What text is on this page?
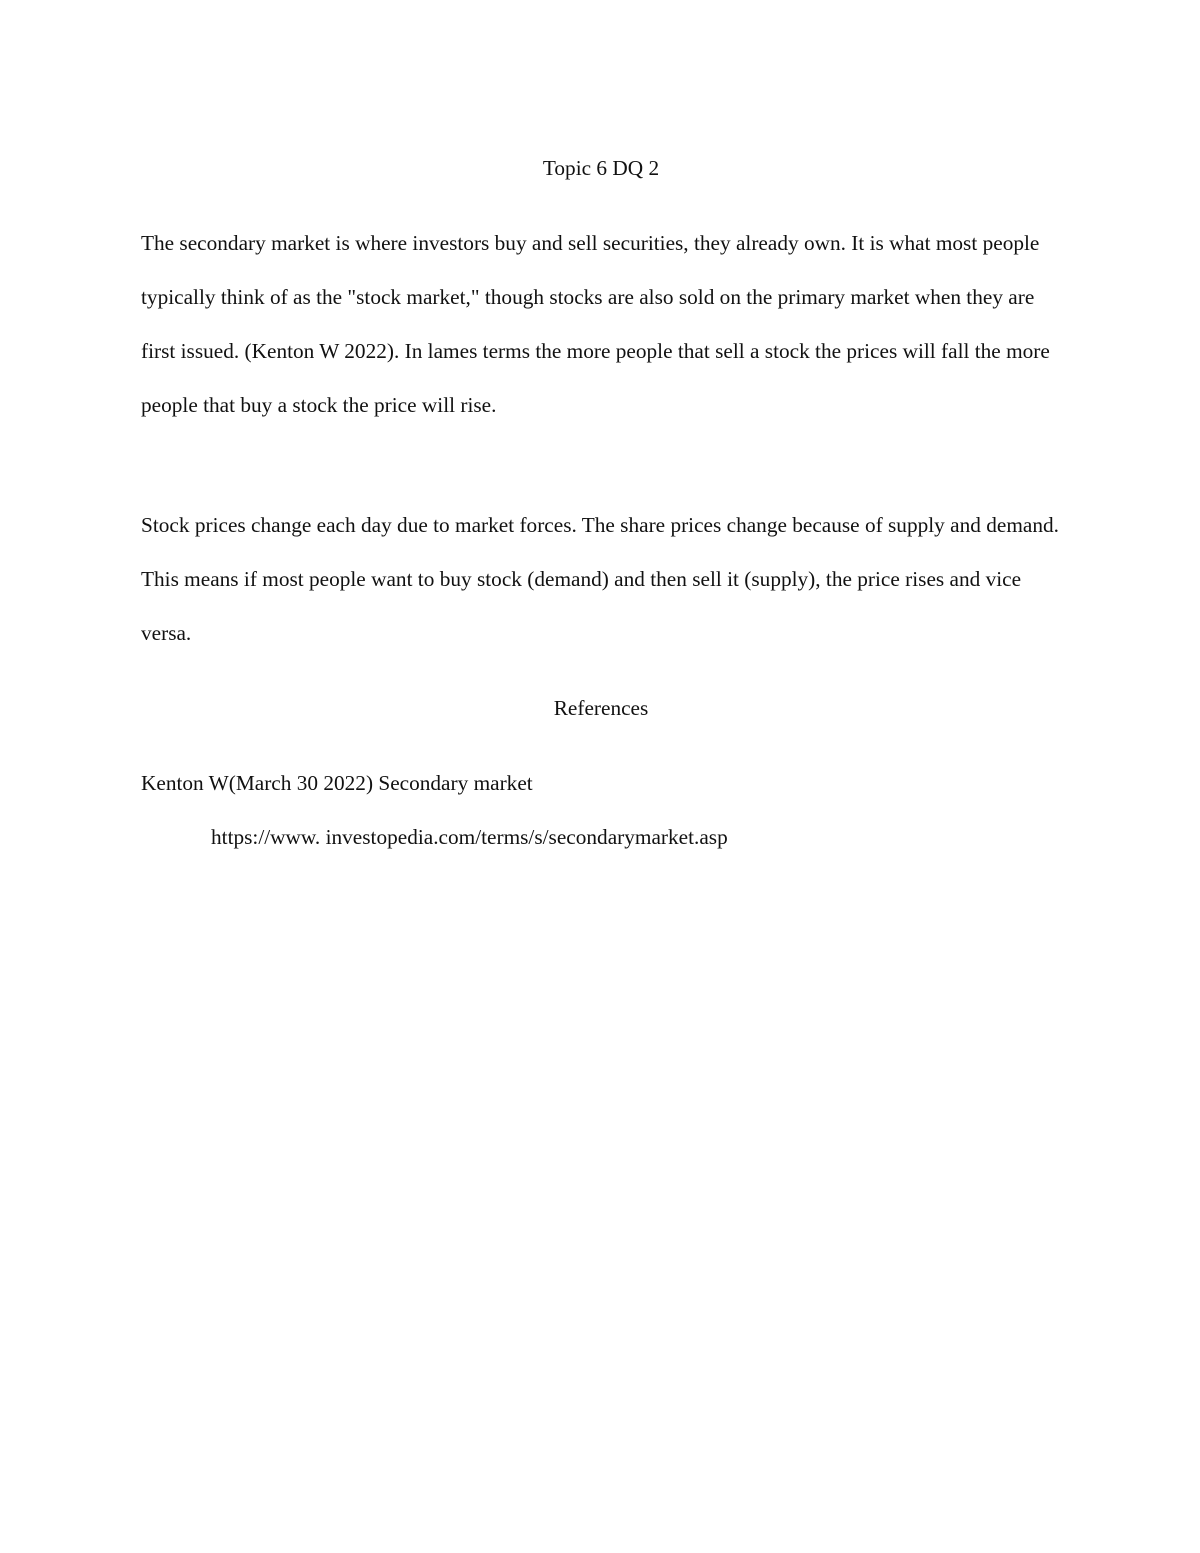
Topic 6 DQ 2

The secondary market is where investors buy and sell securities, they already own. It is what most people typically think of as the "stock market," though stocks are also sold on the primary market when they are first issued. (Kenton W 2022). In lames terms the more people that sell a stock the prices will fall the more people that buy a stock the price will rise.

Stock prices change each day due to market forces. The share prices change because of supply and demand. This means if most people want to buy stock (demand) and then sell it (supply), the price rises and vice versa.

References

Kenton W(March 30 2022) Secondary market
https://www. investopedia.com/terms/s/secondarymarket.asp
